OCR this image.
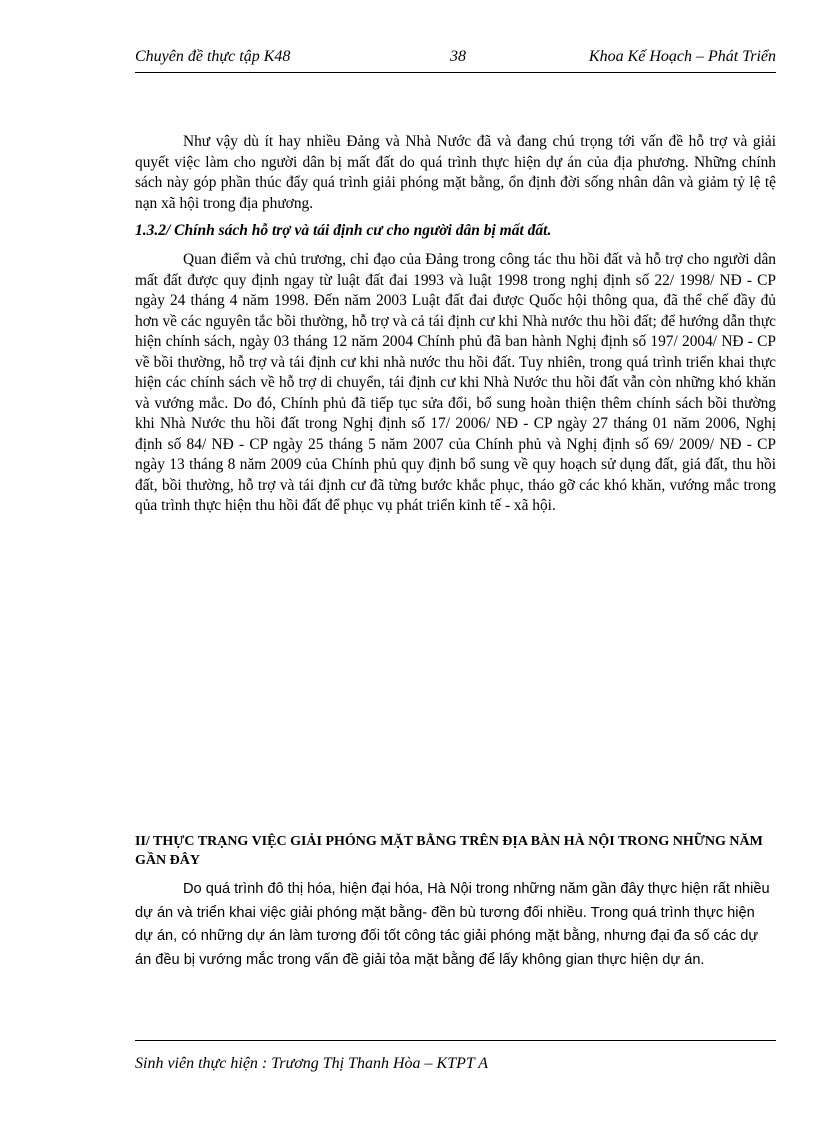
Chuyên đề thực tập K48	38	Khoa Kế Hoạch – Phát Triển

Như vậy dù ít hay nhiều Đảng và Nhà Nước đã và đang chú trọng tới vấn đề hỗ trợ và giải quyết việc làm cho người dân bị mất đất do quá trình thực hiện dự án của địa phương. Những chính sách này góp phần thúc đẩy quá trình giải phóng mặt bằng, ổn định đời sống nhân dân và giảm tỷ lệ tệ nạn xã hội trong địa phương.

1.3.2/ Chính sách hỗ trợ và tái định cư cho người dân bị mất đất.

Quan điểm và chủ trương, chỉ đạo của Đảng trong công tác thu hồi đất và hỗ trợ cho người dân mất đất được quy định ngay từ luật đất đai 1993 và luật 1998 trong nghị định số 22/ 1998/ NĐ - CP ngày 24 tháng 4 năm 1998. Đến năm 2003 Luật đất đai được Quốc hội thông qua, đã thể chế đầy đủ hơn về các nguyên tắc bồi thường, hỗ trợ và cả tái định cư khi Nhà nước thu hồi đất; để hướng dẫn thực hiện chính sách, ngày 03 tháng 12 năm 2004 Chính phủ đã ban hành Nghị định số 197/ 2004/ NĐ - CP về bồi thường, hỗ trợ và tái định cư khi nhà nước thu hồi đất. Tuy nhiên, trong quá trình triển khai thực hiện các chính sách về hỗ trợ di chuyển, tái định cư khi Nhà Nước thu hồi đất vẫn còn những khó khăn và vướng mắc. Do đó, Chính phủ đã tiếp tục sửa đổi, bổ sung hoàn thiện thêm chính sách bồi thường khi Nhà Nước thu hồi đất trong Nghị định số 17/ 2006/ NĐ - CP ngày 27 tháng 01 năm 2006, Nghị định số 84/ NĐ - CP ngày 25 tháng 5 năm 2007 của Chính phủ và Nghị định số 69/ 2009/ NĐ - CP ngày 13 tháng 8 năm 2009 của Chính phủ quy định bổ sung về quy hoạch sử dụng đất, giá đất, thu hồi đất, bồi thường, hỗ trợ và tái định cư đã từng bước khắc phục, tháo gỡ các khó khăn, vướng mắc trong qủa trình thực hiện thu hồi đất để phục vụ phát triển kinh tế - xã hội.

II/ THỰC TRẠNG VIỆC GIẢI PHÓNG MẶT BẰNG TRÊN ĐỊA BÀN HÀ NỘI TRONG NHỮNG NĂM GẦN ĐÂY

Do quá trình đô thị hóa, hiện đại hóa, Hà Nội trong những năm gần đây thực hiện rất nhiều dự án và triển khai việc giải phóng mặt bằng- đền bù tương đối nhiều. Trong quá trình thực hiện dự án, có những dự án làm tương đối tốt công tác giải phóng mặt bằng, nhưng đại đa số các dự án đều bị vướng mắc trong vấn đề giải tỏa mặt bằng để lấy không gian thực hiện dự án.

Sinh viên thực hiện : Trương Thị Thanh Hòa – KTPT A
